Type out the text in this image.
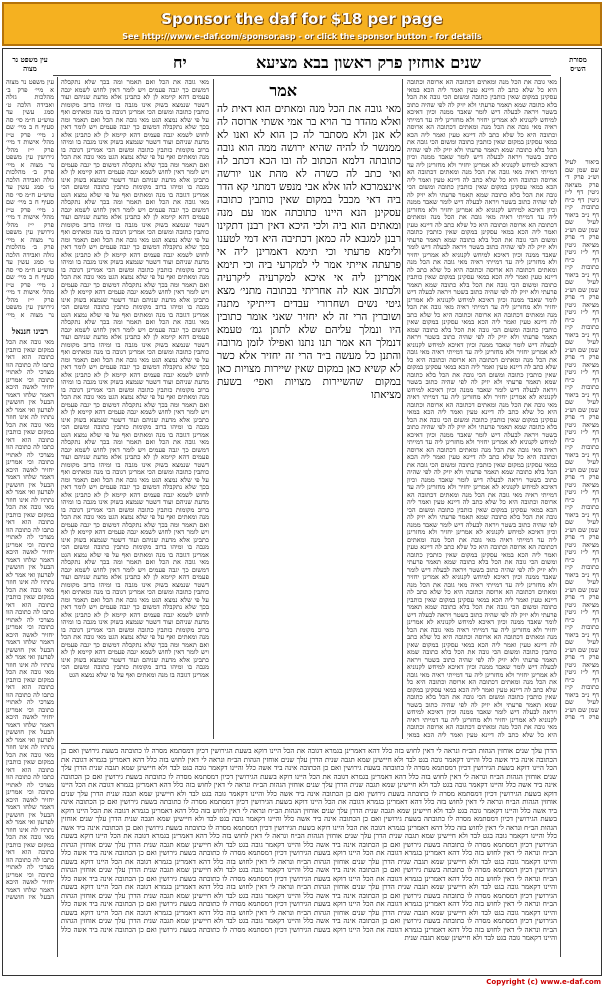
Sponsor the daf for $18 per page
See http://www.e-daf.com/sponsor.asp - or click the sponsor button - for details
שנים אוחזין פרק ראשון בבא מציעא
יח	מסורת הש״ס
עין משפט נר מצוה
ביאור לעיל שם שמן שם וש״נ פרק ד׳ פרק מציאה גיטין דף ל״ז גיטין דף כ״ח כתובות ק״ז דף נ״ב ביאור לעיל שם שמן שם וש״נ פרק ד׳ פרק מציאה גיטין דף ל״ז גיטין דף כ״ח כתובות ק״ז דף נ״ב ביאור לעיל שם שמן שם וש״נ פרק ד׳ פרק מציאה גיטין דף ל״ז גיטין דף כ״ח כתובות ק״ז דף נ״ב ביאור לעיל שם שמן שם וש״נ פרק ד׳ פרק מציאה גיטין דף ל״ז גיטין דף כ״ח כתובות ק״ז דף נ״ב ביאור לעיל שם שמן שם וש״נ פרק ד׳ פרק מציאה גיטין דף ל״ז גיטין דף כ״ח כתובות ק״ז דף נ״ב ביאור לעיל שם שמן שם וש״נ פרק ד׳ פרק מציאה גיטין דף ל״ז גיטין דף כ״ח כתובות ק״ז דף נ״ב ביאור לעיל שם שמן שם וש״נ פרק ד׳ פרק מציאה גיטין דף ל״ז גיטין דף כ״ח כתובות ק״ז דף נ״ב ביאור לעיל שם שמן שם וש״נ פרק ד׳ פרק מציאה גיטין דף ל״ז גיטין דף כ״ח כתובות ק״ז דף נ״ב ביאור לעיל שם שמן שם וש״נ פרק ד׳ פרק מציאה גיטין דף ל״ז גיטין דף כ״ח כתובות ק״ז דף נ״ב ביאור לעיל שם שמן שם וש״נ פרק ד׳ פרק
עין משפט נר מצוה א מיי׳ פרק ב׳ מהלכות גזלה ואבידה הלכה ט׳ סמג עשין עד טוש״ע ח״מ סי׳ סה סעיף ח ב מיי׳ שם ג מיי׳ פרק ט״ז מהל׳ אישות ד מיי׳ פרק י״ז מהל׳ גירושין עין משפט נר מצוה א מיי׳ פרק ב׳ מהלכות גזלה ואבידה הלכה ט׳ סמג עשין עד טוש״ע ח״מ סי׳ סה סעיף ח ב מיי׳ שם ג מיי׳ פרק ט״ז מהל׳ אישות ד מיי׳ פרק י״ז מהל׳ גירושין עין משפט נר מצוה א מיי׳ פרק ב׳ מהלכות גזלה ואבידה הלכה ט׳ סמג עשין עד טוש״ע ח״מ סי׳ סה סעיף ח ב מיי׳ שם ג מיי׳ פרק ט״ז מהל׳ אישות ד מיי׳ פרק י״ז מהל׳ גירושין עין משפט נר מצוה א מיי׳
רבינו חננאל
מאי גובה את הכל במקום שאין כותבין כתובה הוא דאי כתבו לה כתובה הוו מצרכי לה לאתויי כתובה וכי אמרינן יחזיר לאשה היכא דאמר שלחו דאמר הבעל אין חוששין לפרעון ואי אמר לא נתתיו לה אינו חוזר מאי גובה את הכל במקום שאין כותבין כתובה הוא דאי כתבו לה כתובה הוו מצרכי לה לאתויי כתובה וכי אמרינן יחזיר לאשה היכא דאמר שלחו דאמר הבעל אין חוששין לפרעון ואי אמר לא נתתיו לה אינו חוזר מאי גובה את הכל במקום שאין כותבין כתובה הוא דאי כתבו לה כתובה הוו מצרכי לה לאתויי כתובה וכי אמרינן יחזיר לאשה היכא דאמר שלחו דאמר הבעל אין חוששין לפרעון ואי אמר לא נתתיו לה אינו חוזר מאי גובה את הכל במקום שאין כותבין כתובה הוא דאי כתבו לה כתובה הוו מצרכי לה לאתויי כתובה וכי אמרינן יחזיר לאשה היכא דאמר שלחו דאמר הבעל אין חוששין לפרעון ואי אמר לא נתתיו לה אינו חוזר מאי גובה את הכל במקום שאין כותבין כתובה הוא דאי כתבו לה כתובה הוו מצרכי לה לאתויי כתובה וכי אמרינן יחזיר לאשה היכא דאמר שלחו דאמר הבעל אין חוששין לפרעון ואי אמר לא נתתיו לה אינו חוזר מאי גובה את הכל במקום שאין כותבין כתובה הוא דאי כתבו לה כתובה הוו מצרכי לה לאתויי כתובה וכי אמרינן יחזיר לאשה היכא דאמר שלחו דאמר הבעל אין חוששין לפרעון ואי אמר לא נתתיו לה אינו חוזר מאי גובה את הכל במקום שאין כותבין כתובה הוא דאי כתבו לה כתובה הוו מצרכי לה לאתויי כתובה וכי אמרינן יחזיר לאשה היכא דאמר שלחו דאמר הבעל אין חוששין
מאי גובה את הכל מנה ומאתים דכתובה הא ארוסה וכתובה היא כל שלא כתב לה דיינא טעין ואמר ליה הכא במאי עסקינן במקום שאין כותבין כתובה ומשום הכי גובה את הכל בלא כתובה שמא תאמר פרעתי ולא יזיק לה לפי שהיה כתוב בשטר ויראה לבעלה דיש לומר שאבד ממנה וכיון דאיכא למיחש לקנוניא לא אמרינן יחזיר ולא מחזרינן ליה עד דמייתי ראיה מאי גובה את הכל מנה ומאתים דכתובה הא ארוסה וכתובה היא כל שלא כתב לה דיינא טעין ואמר ליה הכא במאי עסקינן במקום שאין כותבין כתובה ומשום הכי גובה את הכל בלא כתובה שמא תאמר פרעתי ולא יזיק לה לפי שהיה כתוב בשטר ויראה לבעלה דיש לומר שאבד ממנה וכיון דאיכא למיחש לקנוניא לא אמרינן יחזיר ולא מחזרינן ליה עד דמייתי ראיה מאי גובה את הכל מנה ומאתים דכתובה הא ארוסה וכתובה היא כל שלא כתב לה דיינא טעין ואמר ליה הכא במאי עסקינן במקום שאין כותבין כתובה ומשום הכי גובה את הכל בלא כתובה שמא תאמר פרעתי ולא יזיק לה לפי שהיה כתוב בשטר ויראה לבעלה דיש לומר שאבד ממנה וכיון דאיכא למיחש לקנוניא לא אמרינן יחזיר ולא מחזרינן ליה עד דמייתי ראיה מאי גובה את הכל מנה ומאתים דכתובה הא ארוסה וכתובה היא כל שלא כתב לה דיינא טעין ואמר ליה הכא במאי עסקינן במקום שאין כותבין כתובה ומשום הכי גובה את הכל בלא כתובה שמא תאמר פרעתי ולא יזיק לה לפי שהיה כתוב בשטר ויראה לבעלה דיש לומר שאבד ממנה וכיון דאיכא למיחש לקנוניא לא אמרינן יחזיר ולא מחזרינן ליה עד דמייתי ראיה מאי גובה את הכל מנה ומאתים דכתובה הא ארוסה וכתובה היא כל שלא כתב לה דיינא טעין ואמר ליה הכא במאי עסקינן במקום שאין כותבין כתובה ומשום הכי גובה את הכל בלא כתובה שמא תאמר פרעתי ולא יזיק לה לפי שהיה כתוב בשטר ויראה לבעלה דיש לומר שאבד ממנה וכיון דאיכא למיחש לקנוניא לא אמרינן יחזיר ולא מחזרינן ליה עד דמייתי ראיה מאי גובה את הכל מנה ומאתים דכתובה הא ארוסה וכתובה היא כל שלא כתב לה דיינא טעין ואמר ליה הכא במאי עסקינן במקום שאין כותבין כתובה ומשום הכי גובה את הכל בלא כתובה שמא תאמר פרעתי ולא יזיק לה לפי שהיה כתוב בשטר ויראה לבעלה דיש לומר שאבד ממנה וכיון דאיכא למיחש לקנוניא לא אמרינן יחזיר ולא מחזרינן ליה עד דמייתי ראיה מאי גובה את הכל מנה ומאתים דכתובה הא ארוסה וכתובה היא כל שלא כתב לה דיינא טעין ואמר ליה הכא במאי עסקינן במקום שאין כותבין כתובה ומשום הכי גובה את הכל בלא כתובה שמא תאמר פרעתי ולא יזיק לה לפי שהיה כתוב בשטר ויראה לבעלה דיש לומר שאבד ממנה וכיון דאיכא למיחש לקנוניא לא אמרינן יחזיר ולא מחזרינן ליה עד דמייתי ראיה מאי גובה את הכל מנה ומאתים דכתובה הא ארוסה וכתובה היא כל שלא כתב לה דיינא טעין ואמר ליה הכא במאי עסקינן במקום שאין כותבין כתובה ומשום הכי גובה את הכל בלא כתובה שמא תאמר פרעתי ולא יזיק לה לפי שהיה כתוב בשטר ויראה לבעלה דיש לומר שאבד ממנה וכיון דאיכא למיחש לקנוניא לא אמרינן יחזיר ולא מחזרינן ליה עד דמייתי ראיה מאי גובה את הכל מנה ומאתים דכתובה הא ארוסה וכתובה היא כל שלא כתב לה דיינא טעין ואמר ליה הכא במאי עסקינן במקום שאין כותבין כתובה ומשום הכי גובה את הכל בלא כתובה שמא תאמר פרעתי ולא יזיק לה לפי שהיה כתוב בשטר ויראה לבעלה דיש לומר שאבד ממנה וכיון דאיכא למיחש לקנוניא לא אמרינן יחזיר ולא מחזרינן ליה עד דמייתי ראיה מאי גובה את הכל מנה ומאתים דכתובה הא ארוסה וכתובה היא כל שלא כתב לה דיינא טעין ואמר ליה הכא במאי עסקינן במקום שאין כותבין כתובה ומשום הכי גובה את הכל בלא כתובה שמא תאמר פרעתי ולא יזיק לה לפי שהיה כתוב בשטר ויראה לבעלה דיש לומר שאבד ממנה וכיון דאיכא למיחש לקנוניא לא אמרינן יחזיר ולא מחזרינן ליה עד דמייתי ראיה מאי גובה את הכל מנה ומאתים דכתובה הא ארוסה וכתובה היא כל שלא כתב לה דיינא טעין ואמר ליה הכא במאי עסקינן במקום שאין כותבין כתובה ומשום הכי גובה את הכל בלא כתובה שמא תאמר פרעתי ולא יזיק לה לפי שהיה כתוב בשטר ויראה לבעלה דיש לומר שאבד ממנה וכיון דאיכא למיחש לקנוניא לא אמרינן יחזיר ולא מחזרינן ליה עד דמייתי ראיה מאי גובה את הכל מנה ומאתים דכתובה הא ארוסה וכתובה היא כל שלא כתב לה דיינא טעין ואמר ליה הכא במאי עסקינן במקום שאין כותבין כתובה ומשום הכי גובה את הכל בלא כתובה שמא תאמר פרעתי ולא יזיק לה לפי שהיה כתוב בשטר ויראה לבעלה דיש לומר שאבד ממנה וכיון דאיכא למיחש לקנוניא לא אמרינן יחזיר ולא מחזרינן ליה עד דמייתי ראיה מאי גובה את הכל מנה ומאתים דכתובה הא ארוסה וכתובה היא כל שלא כתב לה דיינא טעין ואמר ליה הכא במאי עסקינן במקום שאין כותבין כתובה ומשום הכי גובה את הכל בלא כתובה שמא תאמר פרעתי ולא יזיק לה לפי שהיה כתוב בשטר ויראה לבעלה דיש לומר שאבד ממנה וכיון דאיכא למיחש לקנוניא לא אמרינן יחזיר ולא מחזרינן ליה עד דמייתי ראיה מאי גובה את הכל מנה ומאתים דכתובה הא ארוסה וכתובה היא כל שלא כתב לה דיינא טעין ואמר ליה הכא במאי עסקינן במקום שאין כותבין כתובה ומשום הכי גובה את הכל בלא כתובה שמא תאמר פרעתי ולא יזיק לה לפי שהיה כתוב בשטר ויראה לבעלה דיש לומר שאבד ממנה וכיון דאיכא למיחש לקנוניא לא אמרינן יחזיר ולא מחזרינן ליה עד דמייתי ראיה מאי גובה את הכל מנה ומאתים דכתובה הא ארוסה וכתובה היא כל שלא כתב לה דיינא טעין ואמר ליה הכא במאי
מאי גובה את הכל ואם תאמר ומה בכך שלא נתקבלה דמשום כך יגבה פעמים ויש לומר דאין לחוש לשמא יגבה פעמים דהא קיימא לן לא כתבינן אלא מדעת שניהם ועוד דשטר שנמצא בשוק אינו מגבה בו ומיהו ברוב מקומות כותבין כתובה ומשום הכי אמרינן דגובה בו מנה ומאתים ואף על פי שלא נמצא הגט מאי גובה את הכל ואם תאמר ומה בכך שלא נתקבלה דמשום כך יגבה פעמים ויש לומר דאין לחוש לשמא יגבה פעמים דהא קיימא לן לא כתבינן אלא מדעת שניהם ועוד דשטר שנמצא בשוק אינו מגבה בו ומיהו ברוב מקומות כותבין כתובה ומשום הכי אמרינן דגובה בו מנה ומאתים ואף על פי שלא נמצא הגט מאי גובה את הכל ואם תאמר ומה בכך שלא נתקבלה דמשום כך יגבה פעמים ויש לומר דאין לחוש לשמא יגבה פעמים דהא קיימא לן לא כתבינן אלא מדעת שניהם ועוד דשטר שנמצא בשוק אינו מגבה בו ומיהו ברוב מקומות כותבין כתובה ומשום הכי אמרינן דגובה בו מנה ומאתים ואף על פי שלא נמצא הגט מאי גובה את הכל ואם תאמר ומה בכך שלא נתקבלה דמשום כך יגבה פעמים ויש לומר דאין לחוש לשמא יגבה פעמים דהא קיימא לן לא כתבינן אלא מדעת שניהם ועוד דשטר שנמצא בשוק אינו מגבה בו ומיהו ברוב מקומות כותבין כתובה ומשום הכי אמרינן דגובה בו מנה ומאתים ואף על פי שלא נמצא הגט מאי גובה את הכל ואם תאמר ומה בכך שלא נתקבלה דמשום כך יגבה פעמים ויש לומר דאין לחוש לשמא יגבה פעמים דהא קיימא לן לא כתבינן אלא מדעת שניהם ועוד דשטר שנמצא בשוק אינו מגבה בו ומיהו ברוב מקומות כותבין כתובה ומשום הכי אמרינן דגובה בו מנה ומאתים ואף על פי שלא נמצא הגט מאי גובה את הכל ואם תאמר ומה בכך שלא נתקבלה דמשום כך יגבה פעמים ויש לומר דאין לחוש לשמא יגבה פעמים דהא קיימא לן לא כתבינן אלא מדעת שניהם ועוד דשטר שנמצא בשוק אינו מגבה בו ומיהו ברוב מקומות כותבין כתובה ומשום הכי אמרינן דגובה בו מנה ומאתים ואף על פי שלא נמצא הגט מאי גובה את הכל ואם תאמר ומה בכך שלא נתקבלה דמשום כך יגבה פעמים ויש לומר דאין לחוש לשמא יגבה פעמים דהא קיימא לן לא כתבינן אלא מדעת שניהם ועוד דשטר שנמצא בשוק אינו מגבה בו ומיהו ברוב מקומות כותבין כתובה ומשום הכי אמרינן דגובה בו מנה ומאתים ואף על פי שלא נמצא הגט מאי גובה את הכל ואם תאמר ומה בכך שלא נתקבלה דמשום כך יגבה פעמים ויש לומר דאין לחוש לשמא יגבה פעמים דהא קיימא לן לא כתבינן אלא מדעת שניהם ועוד דשטר שנמצא בשוק אינו מגבה בו ומיהו ברוב מקומות כותבין כתובה ומשום הכי אמרינן דגובה בו מנה ומאתים ואף על פי שלא נמצא הגט מאי גובה את הכל ואם תאמר ומה בכך שלא נתקבלה דמשום כך יגבה פעמים ויש לומר דאין לחוש לשמא יגבה פעמים דהא קיימא לן לא כתבינן אלא מדעת שניהם ועוד דשטר שנמצא בשוק אינו מגבה בו ומיהו ברוב מקומות כותבין כתובה ומשום הכי אמרינן דגובה בו מנה ומאתים ואף על פי שלא נמצא הגט מאי גובה את הכל ואם תאמר ומה בכך שלא נתקבלה דמשום כך יגבה פעמים ויש לומר דאין לחוש לשמא יגבה פעמים דהא קיימא לן לא כתבינן אלא מדעת שניהם ועוד דשטר שנמצא בשוק אינו מגבה בו ומיהו ברוב מקומות כותבין כתובה ומשום הכי אמרינן דגובה בו מנה ומאתים ואף על פי שלא נמצא הגט מאי גובה את הכל ואם תאמר ומה בכך שלא נתקבלה דמשום כך יגבה פעמים ויש לומר דאין לחוש לשמא יגבה פעמים דהא קיימא לן לא כתבינן אלא מדעת שניהם ועוד דשטר שנמצא בשוק אינו מגבה בו ומיהו ברוב מקומות כותבין כתובה ומשום הכי אמרינן דגובה בו מנה ומאתים ואף על פי שלא נמצא הגט מאי גובה את הכל ואם תאמר ומה בכך שלא נתקבלה דמשום כך יגבה פעמים ויש לומר דאין לחוש לשמא יגבה פעמים דהא קיימא לן לא כתבינן אלא מדעת שניהם ועוד דשטר שנמצא בשוק אינו מגבה בו ומיהו ברוב מקומות כותבין כתובה ומשום הכי אמרינן דגובה בו מנה ומאתים ואף על פי שלא נמצא הגט מאי גובה את הכל ואם תאמר ומה בכך שלא נתקבלה דמשום כך יגבה פעמים ויש לומר דאין לחוש לשמא יגבה פעמים דהא קיימא לן לא כתבינן אלא מדעת שניהם ועוד דשטר שנמצא בשוק אינו מגבה בו ומיהו ברוב מקומות כותבין כתובה ומשום הכי אמרינן דגובה בו מנה ומאתים ואף על פי שלא נמצא הגט מאי גובה את הכל ואם תאמר ומה בכך שלא נתקבלה דמשום כך יגבה פעמים ויש לומר דאין לחוש לשמא יגבה פעמים דהא קיימא לן לא כתבינן אלא מדעת שניהם ועוד דשטר שנמצא בשוק אינו מגבה בו ומיהו ברוב מקומות כותבין כתובה ומשום הכי אמרינן דגובה בו מנה ומאתים ואף על פי שלא נמצא הגט מאי גובה את הכל ואם תאמר ומה בכך שלא נתקבלה דמשום כך יגבה פעמים ויש לומר דאין לחוש לשמא יגבה פעמים דהא קיימא לן לא כתבינן אלא מדעת שניהם ועוד דשטר שנמצא בשוק אינו מגבה בו ומיהו ברוב מקומות כותבין כתובה ומשום הכי אמרינן דגובה בו מנה ומאתים ואף על פי שלא נמצא הגט
אמר
מאי גובה את הכל מנה ומאתים הוא דאית לה ואלא מהדר בר הויא בר אמי אשתי ארוסה לה לא אנן ולא מסתבר לה כן הוא לא ואנו לא ממנשר לו להיה שהיא ירושה ממה הוא גובה כתובתה דלמא הכתוב לה ובו הכא דכתב לה ואי כתב לה כשרה לא מהת אנו יורשה אינצמרכא להו אלא אבי מנפש דמתני קא הדר ביה דאי מכבל במקום שאין כותבין כתובה עסקינן הנא היינו כתובתה אמו עם מנה ומאתים הוא ביה ולכי היכא דאין רבנן דתקינו רבנן למגבא לה כמאן דכתיבה היא דמי לטענו ולימא פרעתי וכי תימא דאמרינן ליה אי פרעתה אייתי אמר לי למקרעי ביה וכי תימא אמרינן ליה אי איכא למקרעיה ליקרעיה ולכתוב אנא לה אחריתי בכתובה מתני׳ מצא גיטי נשים ושחרורי עבדים דייתיקי מתנה ושוברין הרי זה לא יחזיר שאני אומר כתובין היו ונמלך עליהם שלא לתתן גמ׳ טעמא דנמלך הא אמר תנו נתנו ואפילו לזמן מרובה והתנן כל מעשה ב״ד הרי זה יחזיר אלא כשר לא קשיא כאן במקום שאין שיירות מצויות כאן במקום שהשיירות מצויות ואפי׳ בשעת מציאתו
הדרן עלך שנים אוחזין הגהות הב״ח ונראה לי דאין לחוש בזה כלל דהא דאמרינן בגמרא דגובה את הכל היינו דוקא בשעת הגירושין דכיון דמסתמא מסרה לו כתובתה בשעת גירושין ואם כן הכתובה אינה ביד אשה כלל והיינו דקאמר גובה בגט לבד ולא חיישינן שמא תגבה שנית הדרן עלך שנים אוחזין הגהות הב״ח ונראה לי דאין לחוש בזה כלל דהא דאמרינן בגמרא דגובה את הכל היינו דוקא בשעת הגירושין דכיון דמסתמא מסרה לו כתובתה בשעת גירושין ואם כן הכתובה אינה ביד אשה כלל והיינו דקאמר גובה בגט לבד ולא חיישינן שמא תגבה שנית הדרן עלך שנים אוחזין הגהות הב״ח ונראה לי דאין לחוש בזה כלל דהא דאמרינן בגמרא דגובה את הכל היינו דוקא בשעת הגירושין דכיון דמסתמא מסרה לו כתובתה בשעת גירושין ואם כן הכתובה אינה ביד אשה כלל והיינו דקאמר גובה בגט לבד ולא חיישינן שמא תגבה שנית הדרן עלך שנים אוחזין הגהות הב״ח ונראה לי דאין לחוש בזה כלל דהא דאמרינן בגמרא דגובה את הכל היינו דוקא בשעת הגירושין דכיון דמסתמא מסרה לו כתובתה בשעת גירושין ואם כן הכתובה אינה ביד אשה כלל והיינו דקאמר גובה בגט לבד ולא חיישינן שמא תגבה שנית הדרן עלך שנים אוחזין הגהות הב״ח ונראה לי דאין לחוש בזה כלל דהא דאמרינן בגמרא דגובה את הכל היינו דוקא בשעת הגירושין דכיון דמסתמא מסרה לו כתובתה בשעת גירושין ואם כן הכתובה אינה ביד אשה כלל והיינו דקאמר גובה בגט לבד ולא חיישינן שמא תגבה שנית הדרן עלך שנים אוחזין הגהות הב״ח ונראה לי דאין לחוש בזה כלל דהא דאמרינן בגמרא דגובה את הכל היינו דוקא בשעת הגירושין דכיון דמסתמא מסרה לו כתובתה בשעת גירושין ואם כן הכתובה אינה ביד אשה כלל והיינו דקאמר גובה בגט לבד ולא חיישינן שמא תגבה שנית הדרן עלך שנים אוחזין הגהות הב״ח ונראה לי דאין לחוש בזה כלל דהא דאמרינן בגמרא דגובה את הכל היינו דוקא בשעת הגירושין דכיון דמסתמא מסרה לו כתובתה בשעת גירושין ואם כן הכתובה אינה ביד אשה כלל והיינו דקאמר גובה בגט לבד ולא חיישינן שמא תגבה שנית הדרן עלך שנים אוחזין הגהות הב״ח ונראה לי דאין לחוש בזה כלל דהא דאמרינן בגמרא דגובה את הכל היינו דוקא בשעת הגירושין דכיון דמסתמא מסרה לו כתובתה בשעת גירושין ואם כן הכתובה אינה ביד אשה כלל והיינו דקאמר גובה בגט לבד ולא חיישינן שמא תגבה שנית הדרן עלך שנים אוחזין הגהות הב״ח ונראה לי דאין לחוש בזה כלל דהא דאמרינן בגמרא דגובה את הכל היינו דוקא בשעת הגירושין דכיון דמסתמא מסרה לו כתובתה בשעת גירושין ואם כן הכתובה אינה ביד אשה כלל והיינו דקאמר גובה בגט לבד ולא חיישינן שמא תגבה שנית הדרן עלך שנים אוחזין הגהות הב״ח ונראה לי דאין לחוש בזה כלל דהא דאמרינן בגמרא דגובה את הכל היינו דוקא בשעת הגירושין דכיון דמסתמא מסרה לו כתובתה בשעת גירושין ואם כן הכתובה אינה ביד אשה כלל והיינו דקאמר גובה בגט לבד ולא חיישינן שמא תגבה שנית הדרן עלך שנים אוחזין הגהות הב״ח ונראה לי דאין לחוש בזה כלל דהא דאמרינן בגמרא דגובה את הכל היינו דוקא בשעת הגירושין דכיון דמסתמא מסרה לו כתובתה בשעת גירושין ואם כן הכתובה אינה ביד אשה כלל והיינו דקאמר גובה בגט לבד ולא חיישינן שמא תגבה שנית הדרן עלך שנים אוחזין הגהות הב״ח ונראה לי דאין לחוש בזה כלל דהא דאמרינן בגמרא דגובה את הכל היינו דוקא בשעת הגירושין דכיון דמסתמא מסרה לו כתובתה בשעת גירושין ואם כן הכתובה אינה ביד אשה כלל והיינו דקאמר גובה בגט לבד ולא חיישינן שמא תגבה שנית הדרן עלך שנים אוחזין הגהות הב״ח ונראה לי דאין לחוש בזה כלל דהא דאמרינן בגמרא דגובה את הכל היינו דוקא בשעת הגירושין דכיון דמסתמא מסרה לו כתובתה בשעת גירושין ואם כן הכתובה אינה ביד אשה כלל והיינו דקאמר גובה בגט לבד ולא חיישינן שמא תגבה שנית הדרן עלך שנים אוחזין הגהות הב״ח ונראה לי דאין לחוש בזה כלל דהא דאמרינן בגמרא דגובה את הכל היינו דוקא בשעת הגירושין דכיון דמסתמא מסרה לו כתובתה בשעת גירושין ואם כן הכתובה אינה ביד אשה כלל והיינו דקאמר גובה בגט לבד ולא חיישינן שמא תגבה שנית הדרן עלך שנים אוחזין הגהות הב״ח ונראה לי דאין לחוש בזה כלל דהא דאמרינן בגמרא דגובה את הכל היינו דוקא בשעת הגירושין דכיון דמסתמא מסרה לו כתובתה בשעת גירושין ואם כן הכתובה אינה ביד אשה כלל והיינו דקאמר גובה בגט לבד ולא חיישינן שמא תגבה שנית
Copyright (c) www.e-daf.com
